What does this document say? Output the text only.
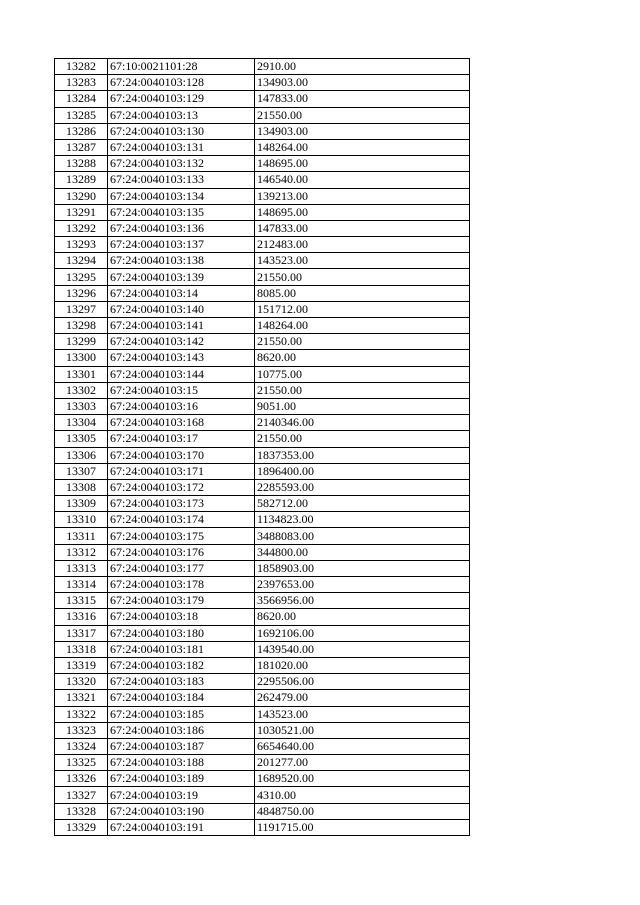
13282	67:10:0021101:28	2910.00
13283	67:24:0040103:128	134903.00
13284	67:24:0040103:129	147833.00
13285	67:24:0040103:13	21550.00
13286	67:24:0040103:130	134903.00
13287	67:24:0040103:131	148264.00
13288	67:24:0040103:132	148695.00
13289	67:24:0040103:133	146540.00
13290	67:24:0040103:134	139213.00
13291	67:24:0040103:135	148695.00
13292	67:24:0040103:136	147833.00
13293	67:24:0040103:137	212483.00
13294	67:24:0040103:138	143523.00
13295	67:24:0040103:139	21550.00
13296	67:24:0040103:14	8085.00
13297	67:24:0040103:140	151712.00
13298	67:24:0040103:141	148264.00
13299	67:24:0040103:142	21550.00
13300	67:24:0040103:143	8620.00
13301	67:24:0040103:144	10775.00
13302	67:24:0040103:15	21550.00
13303	67:24:0040103:16	9051.00
13304	67:24:0040103:168	2140346.00
13305	67:24:0040103:17	21550.00
13306	67:24:0040103:170	1837353.00
13307	67:24:0040103:171	1896400.00
13308	67:24:0040103:172	2285593.00
13309	67:24:0040103:173	582712.00
13310	67:24:0040103:174	1134823.00
13311	67:24:0040103:175	3488083.00
13312	67:24:0040103:176	344800.00
13313	67:24:0040103:177	1858903.00
13314	67:24:0040103:178	2397653.00
13315	67:24:0040103:179	3566956.00
13316	67:24:0040103:18	8620.00
13317	67:24:0040103:180	1692106.00
13318	67:24:0040103:181	1439540.00
13319	67:24:0040103:182	181020.00
13320	67:24:0040103:183	2295506.00
13321	67:24:0040103:184	262479.00
13322	67:24:0040103:185	143523.00
13323	67:24:0040103:186	1030521.00
13324	67:24:0040103:187	6654640.00
13325	67:24:0040103:188	201277.00
13326	67:24:0040103:189	1689520.00
13327	67:24:0040103:19	4310.00
13328	67:24:0040103:190	4848750.00
13329	67:24:0040103:191	1191715.00
